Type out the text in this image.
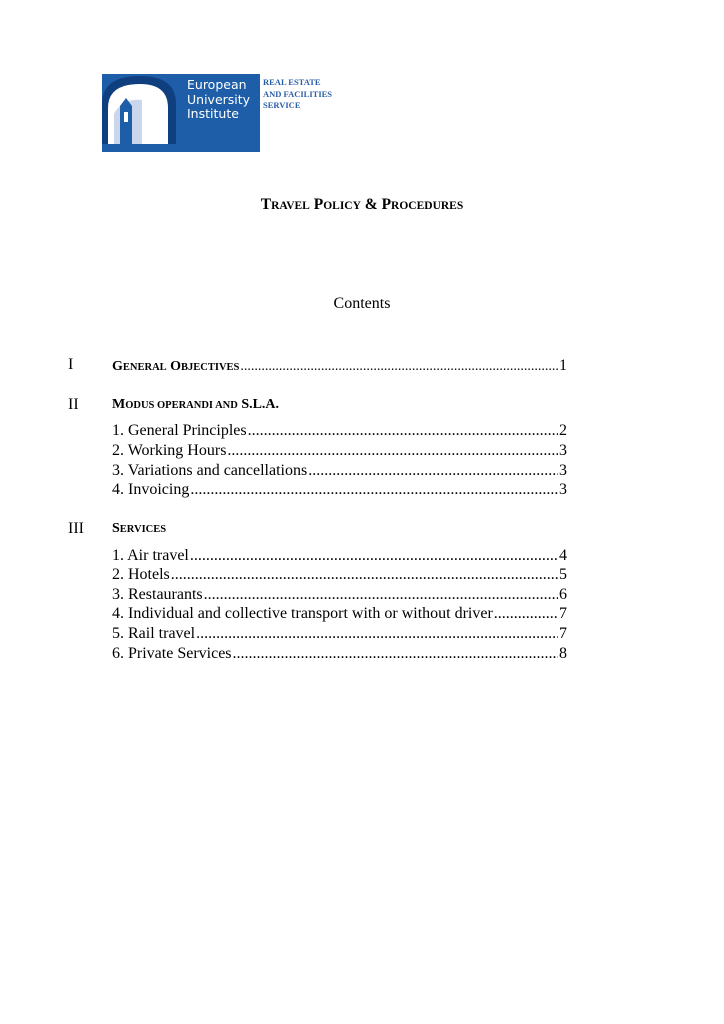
European
University
Institute
REAL ESTATE
AND FACILITIES
SERVICE
TRAVEL POLICY & PROCEDURES
Contents
I	GENERAL OBJECTIVES .....	1
II MODUS OPERANDI AND S.L.A.
1. General Principles .....	2
2. Working Hours .....	3
3. Variations and cancellations .....	3
4. Invoicing .....	3
III SERVICES
1. Air travel .....	4
2. Hotels .....	5
3. Restaurants .....	6
4. Individual and collective transport with or without driver .....	7
5. Rail travel .....	7
6. Private Services .....	8
